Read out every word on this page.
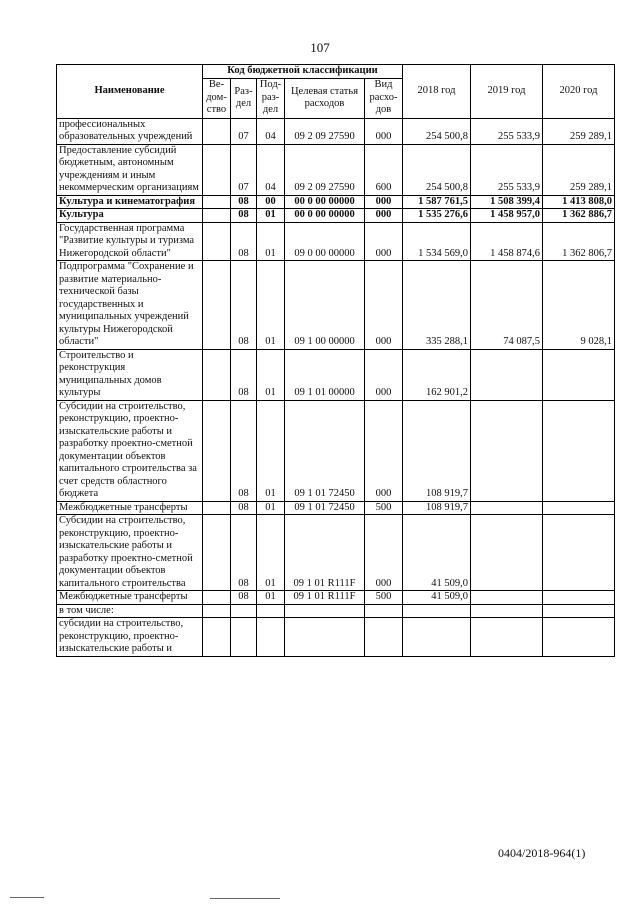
107
Наименование	Код бюджетной классификации					2018 год	2019 год	2020 год
	Ве-дом-ство	Раз-дел	Под-раз-дел	Целевая статья расходов	Вид расхо-дов			
профессиональных образовательных учреждений		07	04	09 2 09 27590	000	254 500,8	255 533,9	259 289,1
Предоставление субсидий бюджетным, автономным учреждениям и иным некоммерческим организациям		07	04	09 2 09 27590	600	254 500,8	255 533,9	259 289,1
Культура и кинематография		08	00	00 0 00 00000	000	1 587 761,5	1 508 399,4	1 413 808,0
Культура		08	01	00 0 00 00000	000	1 535 276,6	1 458 957,0	1 362 886,7
Государственная программа "Развитие культуры и туризма Нижегородской области"		08	01	09 0 00 00000	000	1 534 569,0	1 458 874,6	1 362 806,7
Подпрограмма "Сохранение и развитие материально-технической базы государственных и муниципальных учреждений культуры Нижегородской области"		08	01	09 1 00 00000	000	335 288,1	74 087,5	9 028,1
Строительство и реконструкция муниципальных домов культуры		08	01	09 1 01 00000	000	162 901,2		
Субсидии на строительство, реконструкцию, проектно-изыскательские работы и разработку проектно-сметной документации объектов капитального строительства за счет средств областного бюджета		08	01	09 1 01 72450	000	108 919,7		
Межбюджетные трансферты		08	01	09 1 01 72450	500	108 919,7		
Субсидии на строительство, реконструкцию, проектно-изыскательские работы и разработку проектно-сметной документации объектов капитального строительства		08	01	09 1 01 R111F	000	41 509,0		
Межбюджетные трансферты		08	01	09 1 01 R111F	500	41 509,0		
в том числе:								
субсидии на строительство, реконструкцию, проектно-изыскательские работы и								
0404/2018-964(1)
